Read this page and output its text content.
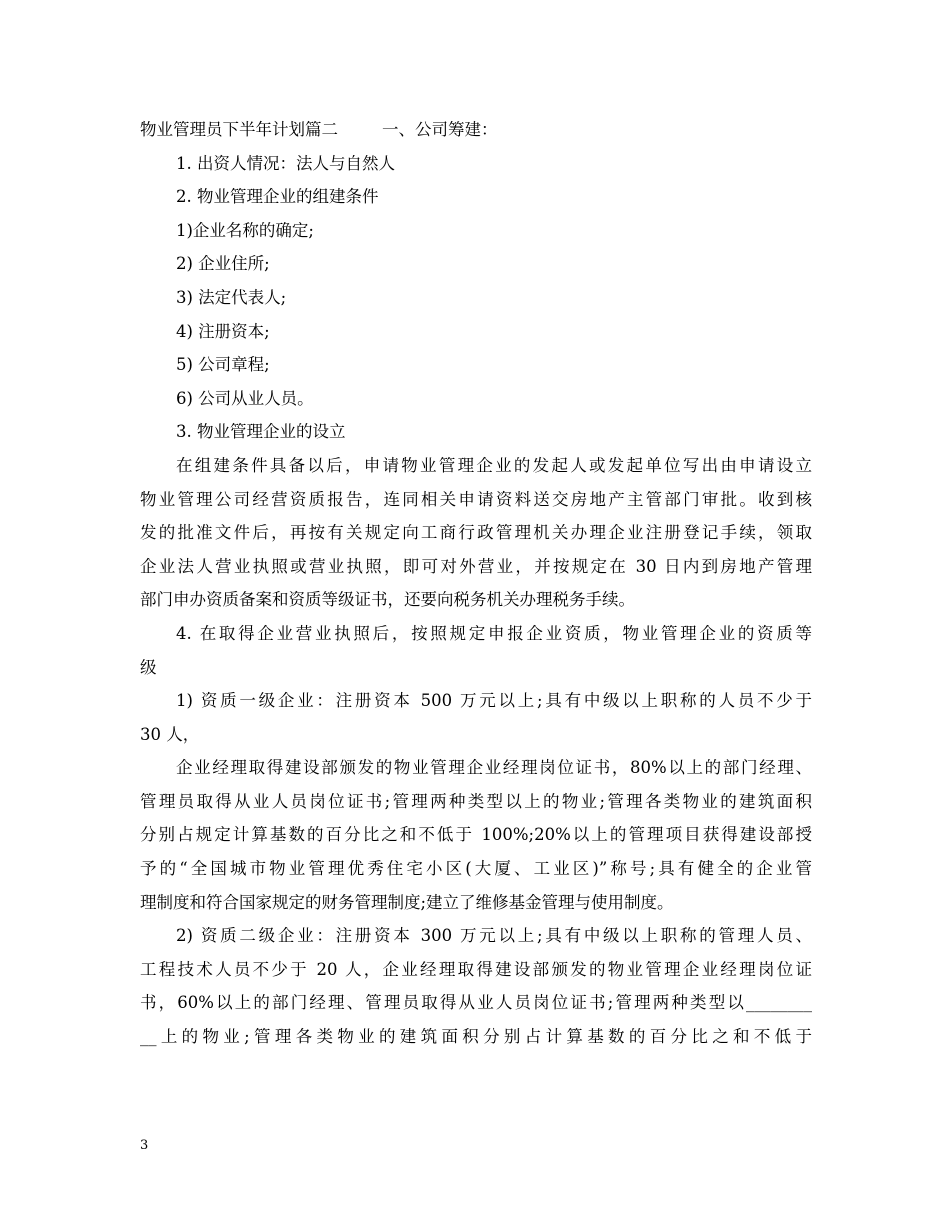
物业管理员下半年计划篇二	一、公司筹建：
1. 出资人情况：法人与自然人
2. 物业管理企业的组建条件
1)企业名称的确定;
2) 企业住所;
3) 法定代表人;
4) 注册资本;
5) 公司章程;
6) 公司从业人员。
3. 物业管理企业的设立
在组建条件具备以后，申请物业管理企业的发起人或发起单位写出由申请设立
物业管理公司经营资质报告，连同相关申请资料送交房地产主管部门审批。收到核
发的批准文件后，再按有关规定向工商行政管理机关办理企业注册登记手续，领取
企业法人营业执照或营业执照，即可对外营业，并按规定在 30 日内到房地产管理
部门申办资质备案和资质等级证书，还要向税务机关办理税务手续。
4. 在取得企业营业执照后，按照规定申报企业资质，物业管理企业的资质等
级
1) 资质一级企业：注册资本 500 万元以上;具有中级以上职称的人员不少于
30 人，
企业经理取得建设部颁发的物业管理企业经理岗位证书，80%以上的部门经理、
管理员取得从业人员岗位证书;管理两种类型以上的物业;管理各类物业的建筑面积
分别占规定计算基数的百分比之和不低于 100%;20%以上的管理项目获得建设部授
予的“全国城市物业管理优秀住宅小区(大厦、工业区)”称号;具有健全的企业管
理制度和符合国家规定的财务管理制度;建立了维修基金管理与使用制度。
2) 资质二级企业：注册资本 300 万元以上;具有中级以上职称的管理人员、
工程技术人员不少于 20 人，企业经理取得建设部颁发的物业管理企业经理岗位证
书，60%以上的部门经理、管理员取得从业人员岗位证书;管理两种类型以________
__上的物业;管理各类物业的建筑面积分别占计算基数的百分比之和不低于
3
